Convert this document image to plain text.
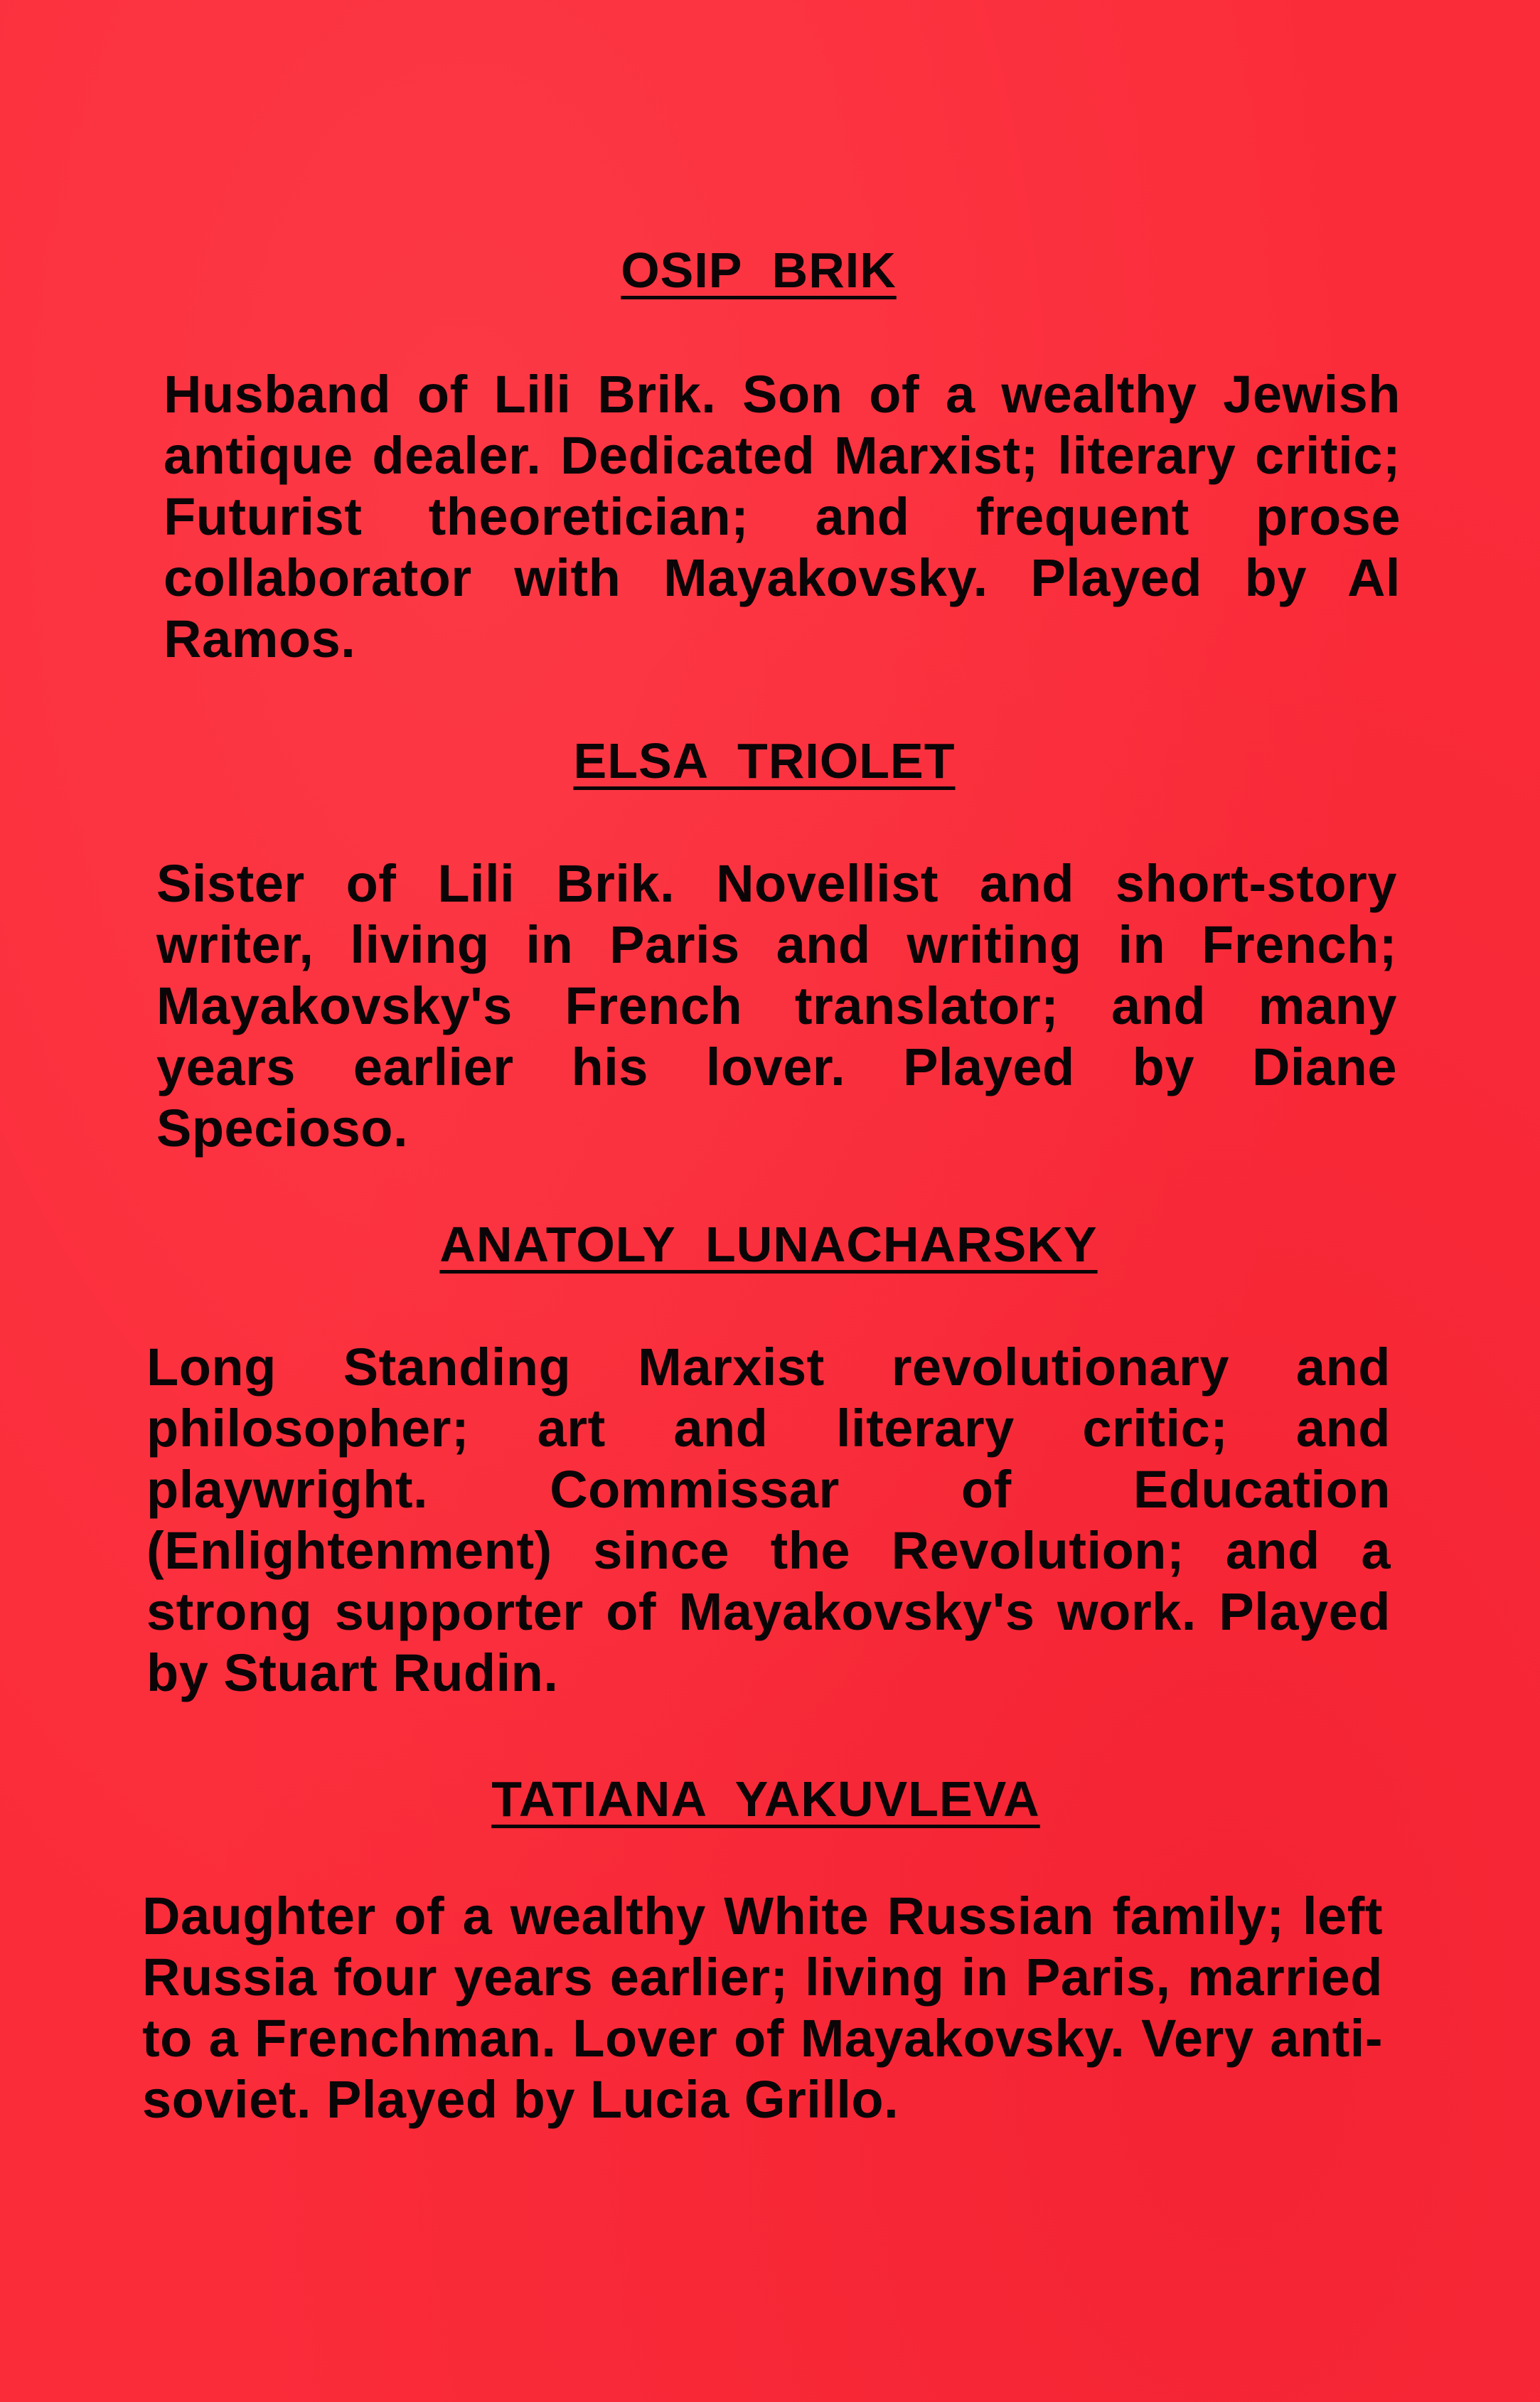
OSIP BRIK

Husband of Lili Brik. Son of a wealthy Jewish antique dealer. Dedicated Marxist; literary critic; Futurist theoretician; and frequent prose collaborator with Mayakovsky. Played by Al Ramos.

ELSA TRIOLET

Sister of Lili Brik. Novellist and short-story writer, living in Paris and writing in French; Mayakovsky's French translator; and many years earlier his lover. Played by Diane Specioso.

ANATOLY LUNACHARSKY

Long Standing Marxist revolutionary and philosopher; art and literary critic; and playwright. Commissar of Education (Enlightenment) since the Revolution; and a strong supporter of Mayakovsky's work. Played by Stuart Rudin.

TATIANA YAKUVLEVA

Daughter of a wealthy White Russian family; left Russia four years earlier; living in Paris, married to a Frenchman. Lover of Mayakovsky. Very anti-soviet. Played by Lucia Grillo.
